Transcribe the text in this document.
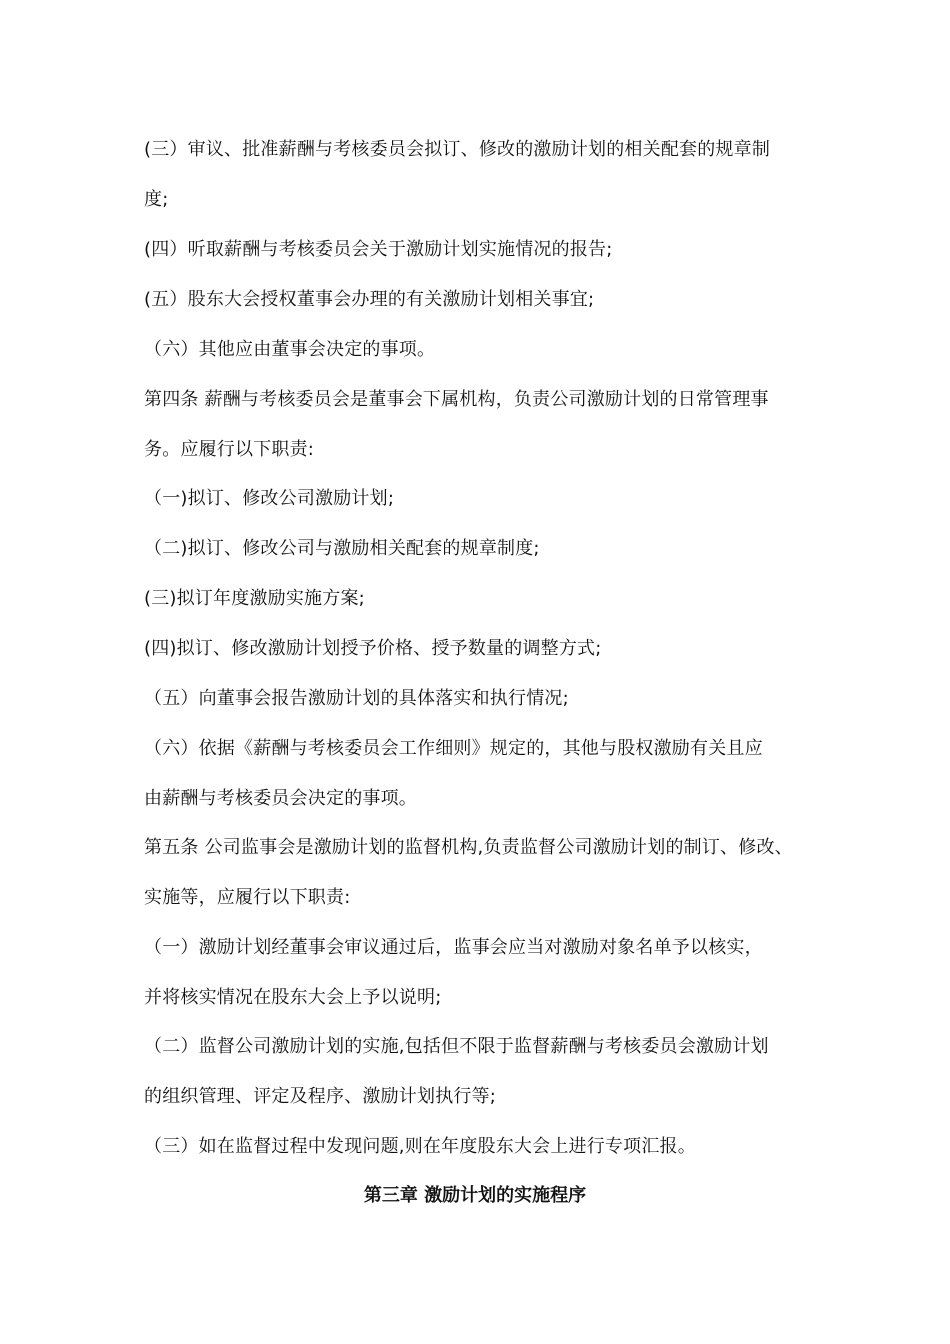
(三）审议、批准薪酬与考核委员会拟订、修改的激励计划的相关配套的规章制
度;
(四）听取薪酬与考核委员会关于激励计划实施情况的报告;
(五）股东大会授权董事会办理的有关激励计划相关事宜;
（六）其他应由董事会决定的事项。
第四条 薪酬与考核委员会是董事会下属机构，负责公司激励计划的日常管理事
务。应履行以下职责:
（一)拟订、修改公司激励计划;
（二)拟订、修改公司与激励相关配套的规章制度;
(三)拟订年度激励实施方案;
(四)拟订、修改激励计划授予价格、授予数量的调整方式;
（五）向董事会报告激励计划的具体落实和执行情况;
（六）依据《薪酬与考核委员会工作细则》规定的，其他与股权激励有关且应
由薪酬与考核委员会决定的事项。
第五条 公司监事会是激励计划的监督机构,负责监督公司激励计划的制订、修改、
实施等，应履行以下职责:
（一）激励计划经董事会审议通过后，监事会应当对激励对象名单予以核实，
并将核实情况在股东大会上予以说明;
（二）监督公司激励计划的实施,包括但不限于监督薪酬与考核委员会激励计划
的组织管理、评定及程序、激励计划执行等;
（三）如在监督过程中发现问题,则在年度股东大会上进行专项汇报。
第三章 激励计划的实施程序
